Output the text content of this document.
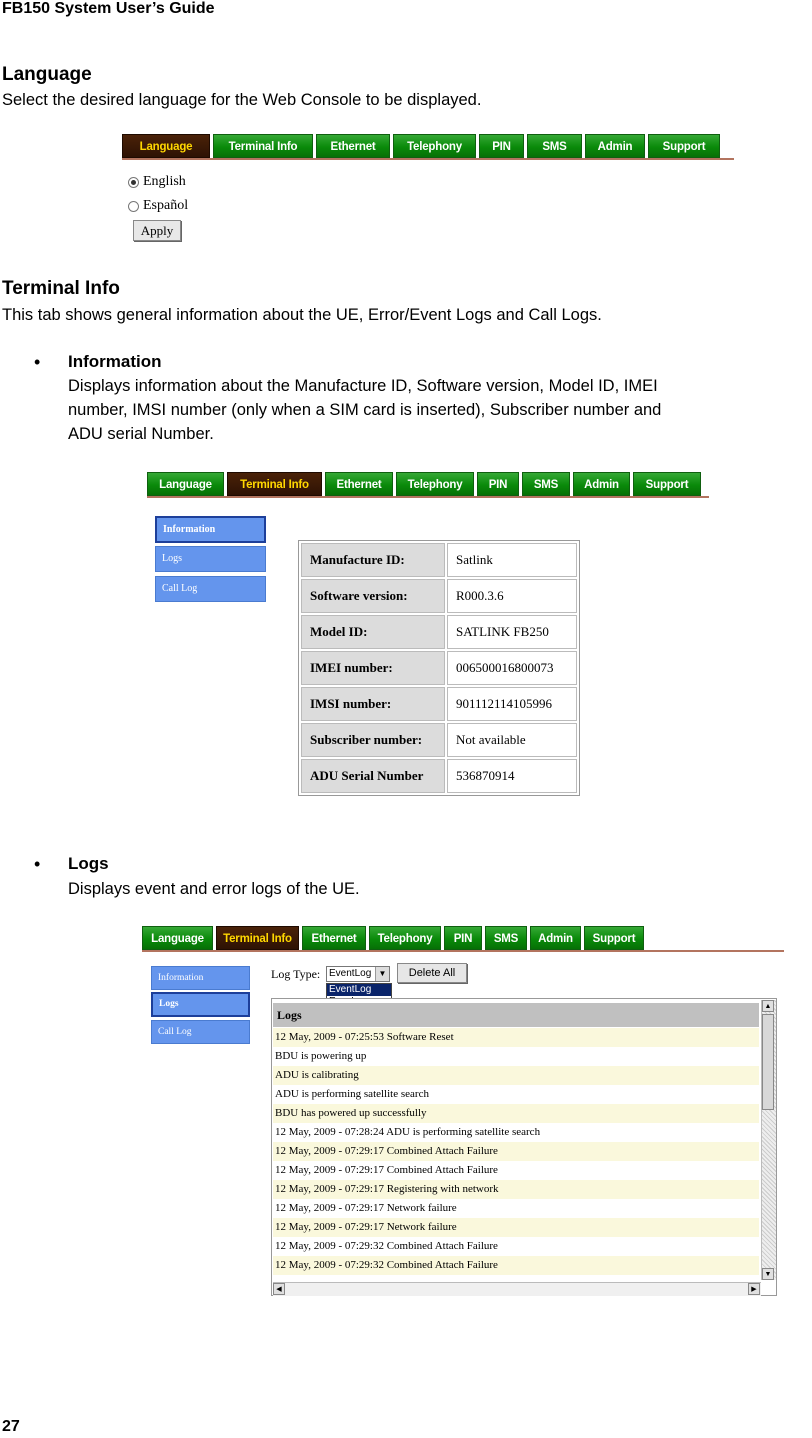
FB150 System User’s Guide
Language
Select the desired language for the Web Console to be displayed.
Language	Terminal Info	Ethernet	Telephony	PIN	SMS	Admin	Support
English
Español
Apply
Terminal Info
This tab shows general information about the UE, Error/Event Logs and Call Logs.
• Information
Displays information about the Manufacture ID, Software version, Model ID, IMEI
number, IMSI number (only when a SIM card is inserted), Subscriber number and
ADU serial Number.
Language	Terminal Info	Ethernet	Telephony	PIN	SMS	Admin	Support
Information
Logs
Call Log
Manufacture ID:	Satlink
Software version:	R000.3.6
Model ID:	SATLINK FB250
IMEI number:	006500016800073
IMSI number:	901112114105996
Subscriber number:	Not available
ADU Serial Number	536870914
• Logs
Displays event and error logs of the UE.
Language	Terminal Info	Ethernet	Telephony	PIN	SMS	Admin	Support
Information
Logs
Call Log
Log Type: EventLog ▼
EventLog
Delete All
Logs
12 May, 2009 - 07:25:53 Software Reset
BDU is powering up
ADU is calibrating
ADU is performing satellite search
BDU has powered up successfully
12 May, 2009 - 07:28:24 ADU is performing satellite search
12 May, 2009 - 07:29:17 Combined Attach Failure
12 May, 2009 - 07:29:17 Combined Attach Failure
12 May, 2009 - 07:29:17 Registering with network
12 May, 2009 - 07:29:17 Network failure
12 May, 2009 - 07:29:17 Network failure
12 May, 2009 - 07:29:32 Combined Attach Failure
12 May, 2009 - 07:29:32 Combined Attach Failure
▲
▼
◀	▶
27
